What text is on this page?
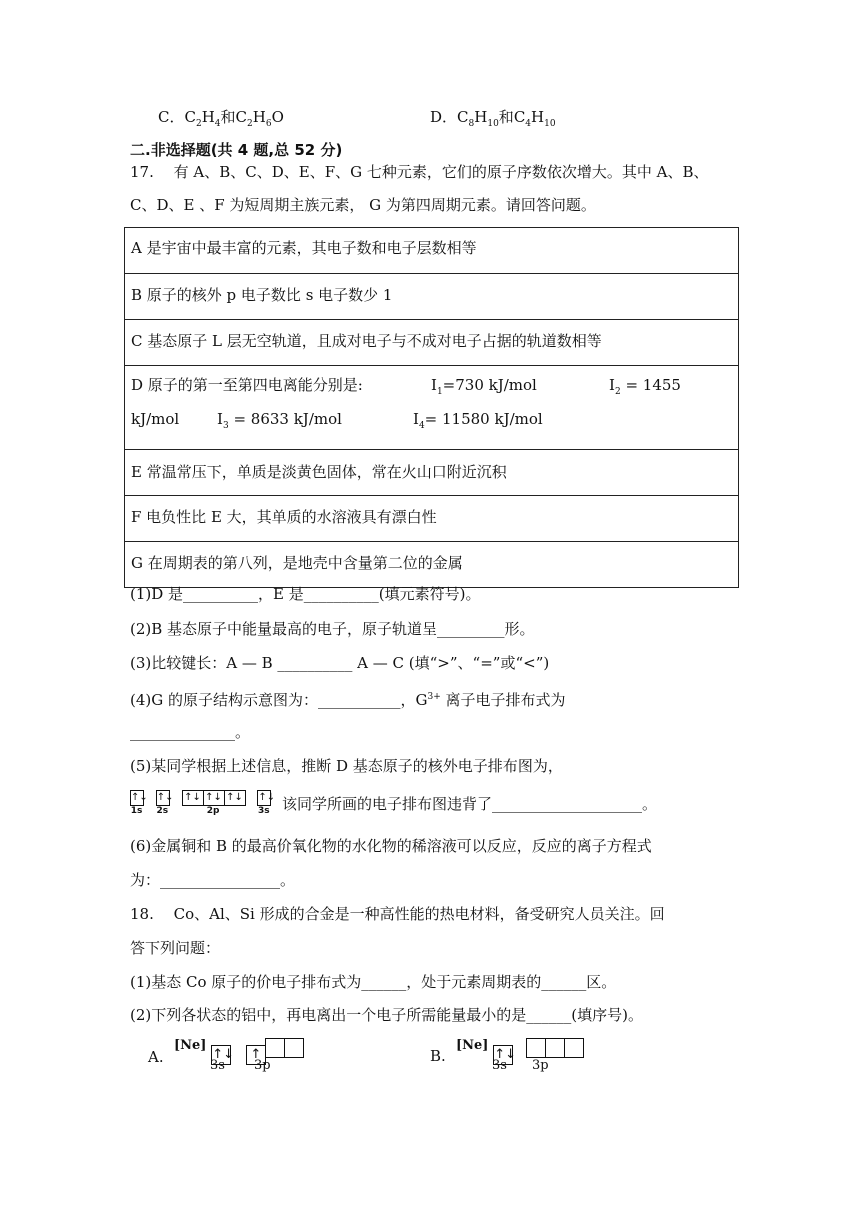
C．$C_2H_4$和$C_2H_6O$	D．$C_8H_{10}$和$C_4H_{10}$
二.非选择题(共 4 题,总 52 分)
17.　 有 A、B、C、D、E、F、G 七种元素，它们的原子序数依次增大。其中 A、B、
C、D、E 、F 为短周期主族元素， G 为第四周期元素。请回答问题。
A 是宇宙中最丰富的元素，其电子数和电子层数相等
B 原子的核外 p 电子数比 s 电子数少 1
C 基态原子 L 层无空轨道，且成对电子与不成对电子占据的轨道数相等
D 原子的第一至第四电离能分别是:	$I_1=730$ kJ/mol	$I_2 = 1455$
kJ/mol	$I_3 = 8633$ kJ/mol	$I_4= 11580$ kJ/mol
E 常温常压下，单质是淡黄色固体，常在火山口附近沉积
F 电负性比 E 大，其单质的水溶液具有漂白性
G 在周期表的第八列，是地壳中含量第二位的金属
(1)D 是__________，E 是__________(填元素符号)。
(2)B 基态原子中能量最高的电子，原子轨道呈_________形。
(3)比较键长：A — B __________ A — C (填“>”、“=”或“<”)
(4)G 的原子结构示意图为：___________，$G^{3+}$ 离子电子排布式为
______________。
(5)某同学根据上述信息，推断 D 基态原子的核外电子排布图为，
↑↓
1s
↑↓
2s
↑↓ ↑↓ ↑↓
2p
↑↓
3s 该同学所画的电子排布图违背了____________________。
(6)金属铜和 B 的最高价氧化物的水化物的稀溶液可以反应，反应的离子方程式
为：________________。
18.　 Co、Al、Si 形成的合金是一种高性能的热电材料，备受研究人员关注。回
答下列问题：
(1)基态 Co 原子的价电子排布式为______，处于元素周期表的______区。
(2)下列各状态的铝中，再电离出一个电子所需能量最小的是______(填序号)。
A.
[Ne] ↑↓ ↑
3s 3p
B.
[Ne] ↑↓
3s 3p
